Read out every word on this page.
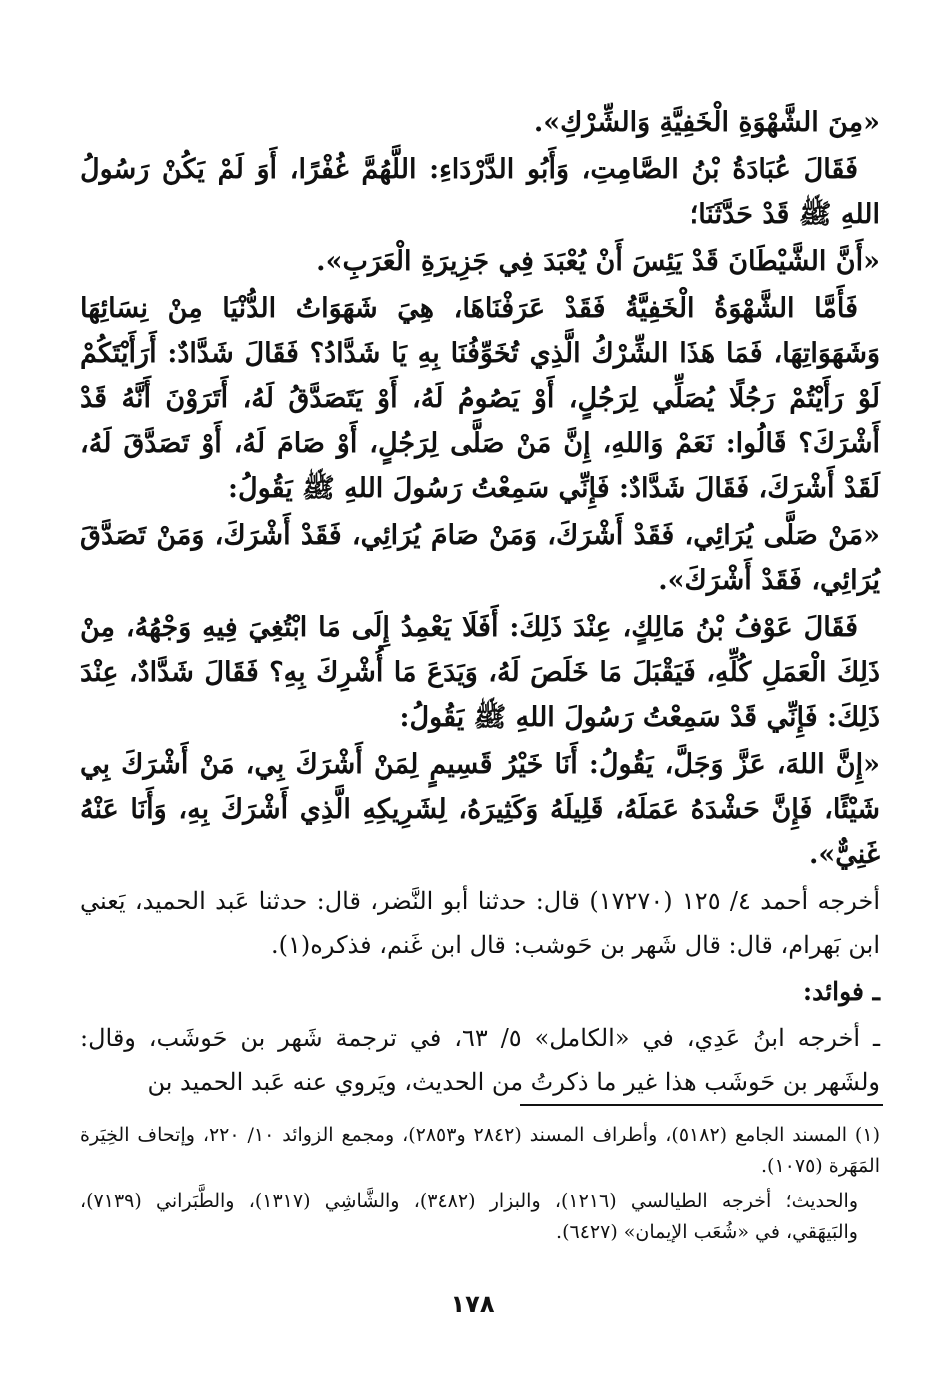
«مِنَ الشَّهْوَةِ الْخَفِيَّةِ وَالشِّرْكِ».

فَقَالَ عُبَادَةُ بْنُ الصَّامِتِ، وَأَبُو الدَّرْدَاءِ: اللَّهُمَّ غُفْرًا، أَوَ لَمْ يَكُنْ رَسُولُ اللهِ ﷺ قَدْ حَدَّثَنَا؛

«أَنَّ الشَّيْطَانَ قَدْ يَئِسَ أَنْ يُعْبَدَ فِي جَزِيرَةِ الْعَرَبِ».

فَأَمَّا الشَّهْوَةُ الْخَفِيَّةُ فَقَدْ عَرَفْنَاهَا، هِيَ شَهَوَاتُ الدُّنْيَا مِنْ نِسَائِهَا وَشَهَوَاتِهَا، فَمَا هَذَا الشِّرْكُ الَّذِي تُخَوِّفُنَا بِهِ يَا شَدَّادُ؟ فَقَالَ شَدَّادٌ: أَرَأَيْتَكُمْ لَوْ رَأَيْتُمْ رَجُلًا يُصَلِّي لِرَجُلٍ، أَوْ يَصُومُ لَهُ، أَوْ يَتَصَدَّقُ لَهُ، أَتَرَوْنَ أَنَّهُ قَدْ أَشْرَكَ؟ قَالُوا: نَعَمْ وَاللهِ، إِنَّ مَنْ صَلَّى لِرَجُلٍ، أَوْ صَامَ لَهُ، أَوْ تَصَدَّقَ لَهُ، لَقَدْ أَشْرَكَ، فَقَالَ شَدَّادٌ: فَإِنِّي سَمِعْتُ رَسُولَ اللهِ ﷺ يَقُولُ:

«مَنْ صَلَّى يُرَائِي، فَقَدْ أَشْرَكَ، وَمَنْ صَامَ يُرَائِي، فَقَدْ أَشْرَكَ، وَمَنْ تَصَدَّقَ يُرَائِي، فَقَدْ أَشْرَكَ».

فَقَالَ عَوْفُ بْنُ مَالِكٍ، عِنْدَ ذَلِكَ: أَفَلَا يَعْمِدُ إِلَى مَا ابْتُغِيَ فِيهِ وَجْهُهُ، مِنْ ذَلِكَ الْعَمَلِ كُلِّهِ، فَيَقْبَلَ مَا خَلَصَ لَهُ، وَيَدَعَ مَا أُشْرِكَ بِهِ؟ فَقَالَ شَدَّادٌ، عِنْدَ ذَلِكَ: فَإِنِّي قَدْ سَمِعْتُ رَسُولَ اللهِ ﷺ يَقُولُ:

«إِنَّ اللهَ، عَزَّ وَجَلَّ، يَقُولُ: أَنَا خَيْرُ قَسِيمٍ لِمَنْ أَشْرَكَ بِي، مَنْ أَشْرَكَ بِي شَيْئًا، فَإِنَّ حَشْدَهُ عَمَلَهُ، قَلِيلَهُ وَكَثِيرَهُ، لِشَرِيكِهِ الَّذِي أَشْرَكَ بِهِ، وَأَنَا عَنْهُ غَنِيٌّ».

أخرجه أحمد ٤/ ١٢٥ (١٧٢٧٠) قال: حدثنا أبو النَّضر، قال: حدثنا عَبد الحميد، يَعني ابن بَهرام، قال: قال شَهر بن حَوشب: قال ابن غَنم، فذكره(١).

ـ فوائد:

ـ أخرجه ابنُ عَدِي، في «الكامل» ٥/ ٦٣، في ترجمة شَهر بن حَوشَب، وقال: ولشَهر بن حَوشَب هذا غير ما ذكرتُ من الحديث، ويَروي عنه عَبد الحميد بن

(١) المسند الجامع (٥١٨٢)، وأطراف المسند (٢٨٤٢ و٢٨٥٣)، ومجمع الزوائد ١٠/ ٢٢٠، وإتحاف الخِيَرة المَهَرة (١٠٧٥).

والحديث؛ أخرجه الطيالسي (١٢١٦)، والبزار (٣٤٨٢)، والشَّاشِي (١٣١٧)، والطَّبَراني (٧١٣٩)، والبَيهَقي، في «شُعَب الإيمان» (٦٤٢٧).

١٧٨
